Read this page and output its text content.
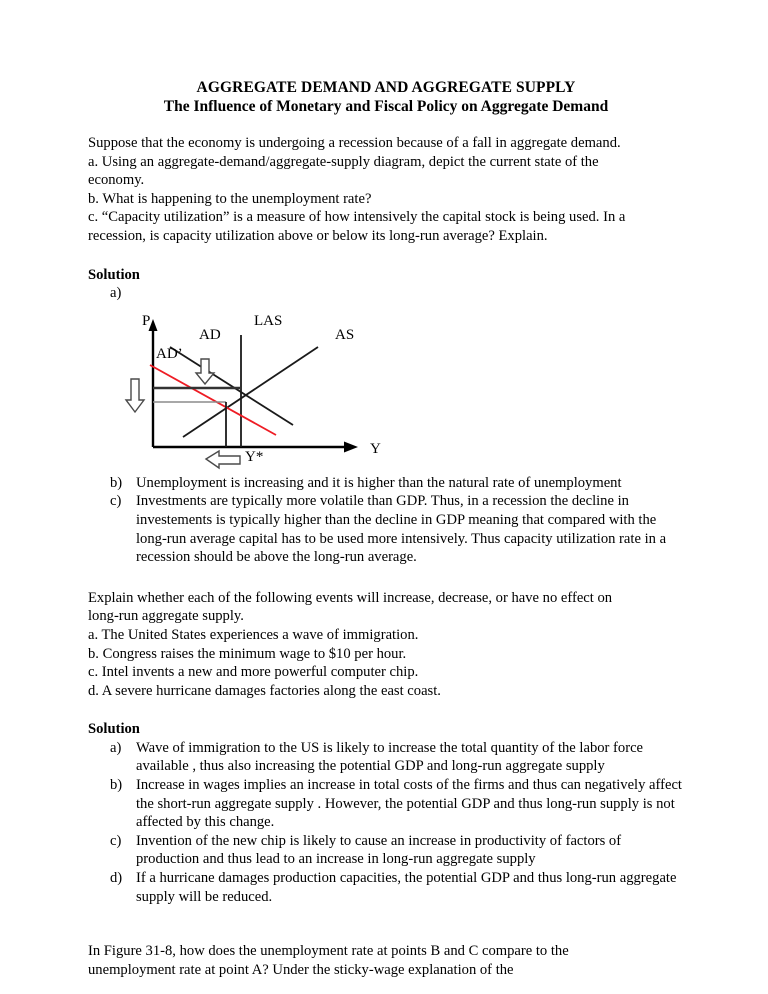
AGGREGATE DEMAND AND AGGREGATE SUPPLY
The Influence of Monetary and Fiscal Policy on Aggregate Demand
Suppose that the economy is undergoing a recession because of a fall in aggregate demand.
a. Using an aggregate-demand/aggregate-supply diagram, depict the current state of the
economy.
b. What is happening to the unemployment rate?
c. “Capacity utilization” is a measure of how intensively the capital stock is being used. In a
recession, is capacity utilization above or below its long-run average? Explain.
Solution
a)
P
AD
AD’
LAS
AS
Y*	Y
b) Unemployment is increasing and it is higher than the natural rate of unemployment
c) Investments are typically more volatile than GDP. Thus, in a recession the decline in investements is typically higher than the decline in GDP meaning that compared with the long-run average capital has to be used more intensively. Thus capacity utilization rate in a recession should be above the long-run average.
Explain whether each of the following events will increase, decrease, or have no effect on
long-run aggregate supply.
a. The United States experiences a wave of immigration.
b. Congress raises the minimum wage to $10 per hour.
c. Intel invents a new and more powerful computer chip.
d. A severe hurricane damages factories along the east coast.
Solution
a) Wave of immigration to the US is likely to increase the total quantity of the labor force available , thus also increasing the potential GDP and long-run aggregate supply
b) Increase in wages implies an increase in total costs of the firms and thus can negatively affect the short-run aggregate supply . However, the potential GDP and thus long-run supply is not affected by this change.
c) Invention of the new chip is likely to cause an increase in productivity of factors of production and thus lead to an increase in long-run aggregate supply
d) If a hurricane damages production capacities, the potential GDP and thus long-run aggregate supply will be reduced.
In Figure 31-8, how does the unemployment rate at points B and C compare to the
unemployment rate at point A? Under the sticky-wage explanation of the
